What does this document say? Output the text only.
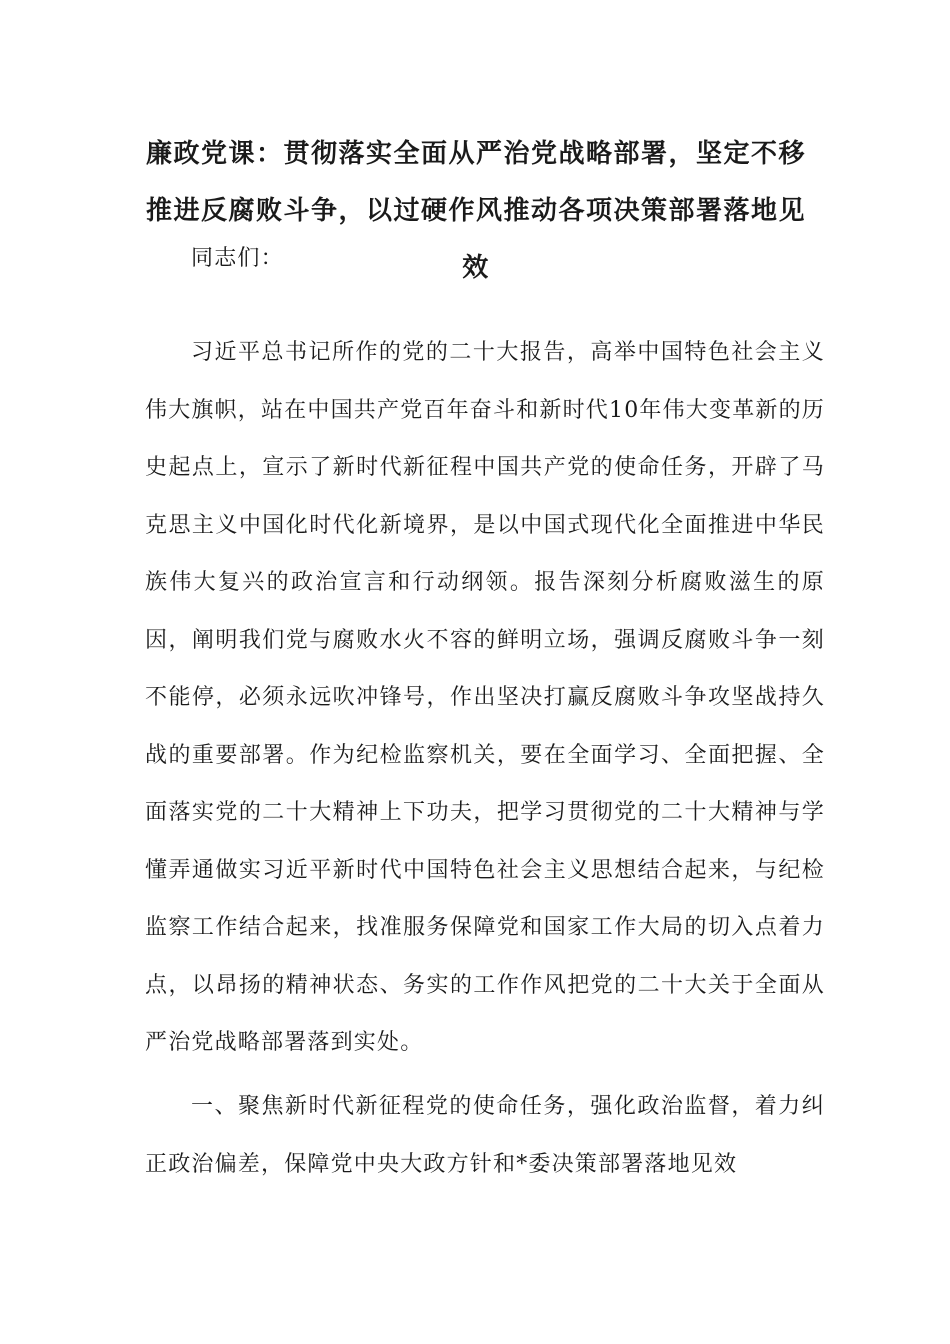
廉政党课：贯彻落实全面从严治党战略部署，坚定不移推进反腐败斗争，以过硬作风推动各项决策部署落地见效

同志们：

习近平总书记所作的党的二十大报告，高举中国特色社会主义伟大旗帜，站在中国共产党百年奋斗和新时代10年伟大变革新的历史起点上，宣示了新时代新征程中国共产党的使命任务，开辟了马克思主义中国化时代化新境界，是以中国式现代化全面推进中华民族伟大复兴的政治宣言和行动纲领。报告深刻分析腐败滋生的原因，阐明我们党与腐败水火不容的鲜明立场，强调反腐败斗争一刻不能停，必须永远吹冲锋号，作出坚决打赢反腐败斗争攻坚战持久战的重要部署。作为纪检监察机关，要在全面学习、全面把握、全面落实党的二十大精神上下功夫，把学习贯彻党的二十大精神与学懂弄通做实习近平新时代中国特色社会主义思想结合起来，与纪检监察工作结合起来，找准服务保障党和国家工作大局的切入点着力点，以昂扬的精神状态、务实的工作作风把党的二十大关于全面从严治党战略部署落到实处。

一、聚焦新时代新征程党的使命任务，强化政治监督，着力纠正政治偏差，保障党中央大政方针和*委决策部署落地见效
